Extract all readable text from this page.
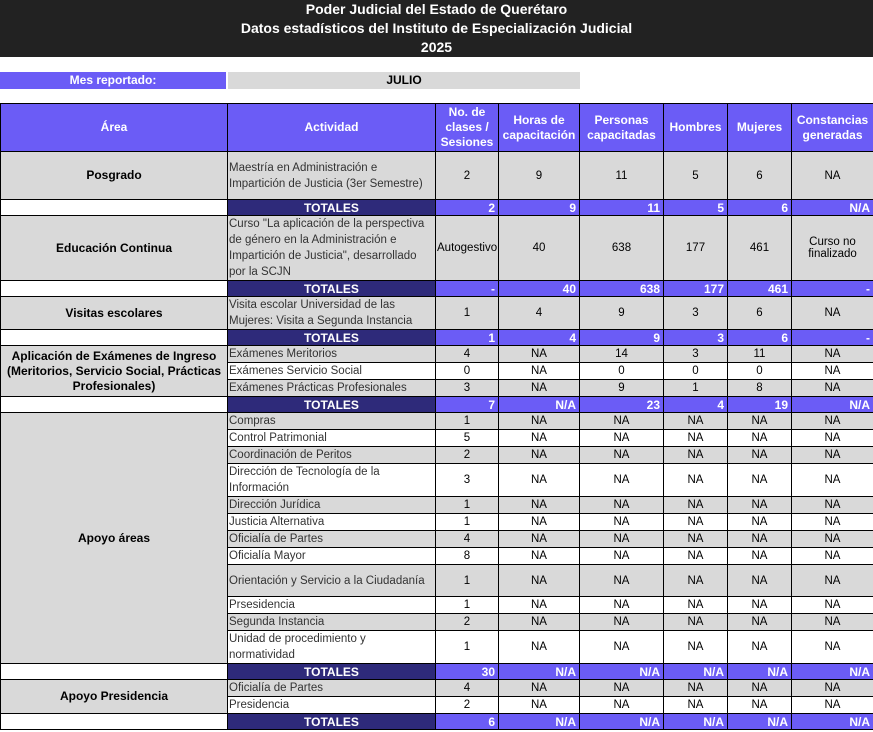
Poder Judicial del Estado de Querétaro
Datos estadísticos del Instituto de Especialización Judicial
2025
Mes reportado:	JULIO
Área	Actividad	No. de clases / Sesiones	Horas de capacitación	Personas capacitadas	Hombres	Mujeres	Constancias generadas
Posgrado	Maestría en Administración e Impartición de Justicia (3er Semestre)	2	9	11	5	6	NA
	TOTALES	2	9	11	5	6	N/A
Educación Continua	Curso "La aplicación de la perspectiva de género en la Administración e Impartición de Justicia", desarrollado por la SCJN	Autogestivo	40	638	177	461	Curso no finalizado
	TOTALES	-	40	638	177	461	-
Visitas escolares	Visita escolar Universidad de las Mujeres: Visita a Segunda Instancia	1	4	9	3	6	NA
	TOTALES	1	4	9	3	6	-
Aplicación de Exámenes de Ingreso (Meritorios, Servicio Social, Prácticas Profesionales)	Exámenes Meritorios	4	NA	14	3	11	NA
	Exámenes Servicio Social	0	NA	0	0	0	NA
	Exámenes Prácticas Profesionales	3	NA	9	1	8	NA
	TOTALES	7	N/A	23	4	19	N/A
Apoyo áreas	Compras	1	NA	NA	NA	NA	NA
	Control Patrimonial	5	NA	NA	NA	NA	NA
	Coordinación de Peritos	2	NA	NA	NA	NA	NA
	Dirección de Tecnología de la Información	3	NA	NA	NA	NA	NA
	Dirección Jurídica	1	NA	NA	NA	NA	NA
	Justicia Alternativa	1	NA	NA	NA	NA	NA
	Oficialía de Partes	4	NA	NA	NA	NA	NA
	Oficialía Mayor	8	NA	NA	NA	NA	NA
	Orientación y Servicio a la Ciudadanía	1	NA	NA	NA	NA	NA
	Prsesidencia	1	NA	NA	NA	NA	NA
	Segunda Instancia	2	NA	NA	NA	NA	NA
	Unidad de procedimiento y normatividad	1	NA	NA	NA	NA	NA
	TOTALES	30	N/A	N/A	N/A	N/A	N/A
Apoyo Presidencia	Oficialía de Partes	4	NA	NA	NA	NA	NA
	Presidencia	2	NA	NA	NA	NA	NA
	TOTALES	6	N/A	N/A	N/A	N/A	N/A
